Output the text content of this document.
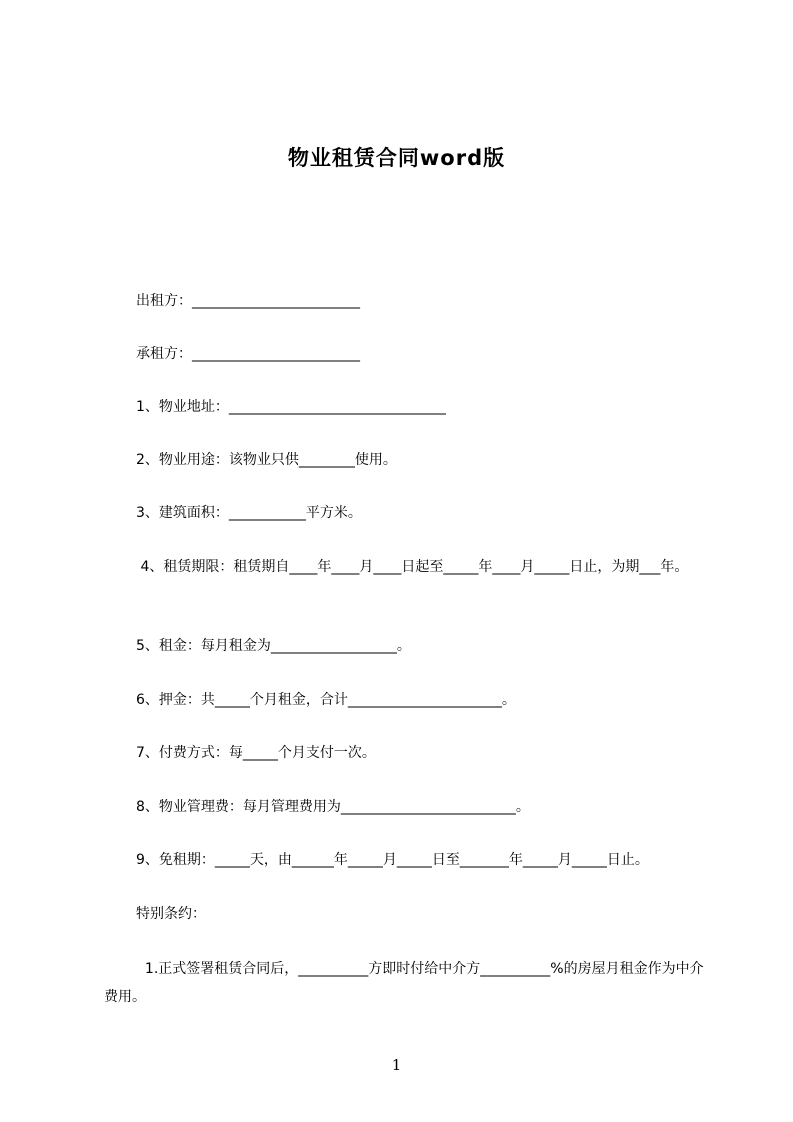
物业租赁合同word版
出租方：________________________
承租方：________________________
1、物业地址：_______________________________
2、物业用途：该物业只供________使用。
3、建筑面积：___________平方米。
4、租赁期限：租赁期自____年____月____日起至_____年____月_____日止，为期___年。
5、租金：每月租金为__________________。
6、押金：共_____个月租金，合计______________________。
7、付费方式：每_____个月支付一次。
8、物业管理费：每月管理费用为_________________________。
9、免租期：_____天，由______年_____月_____日至_______年_____月_____日止。
特别条约：
1.正式签署租赁合同后，__________方即时付给中介方__________%的房屋月租金作为中介费用。
1
